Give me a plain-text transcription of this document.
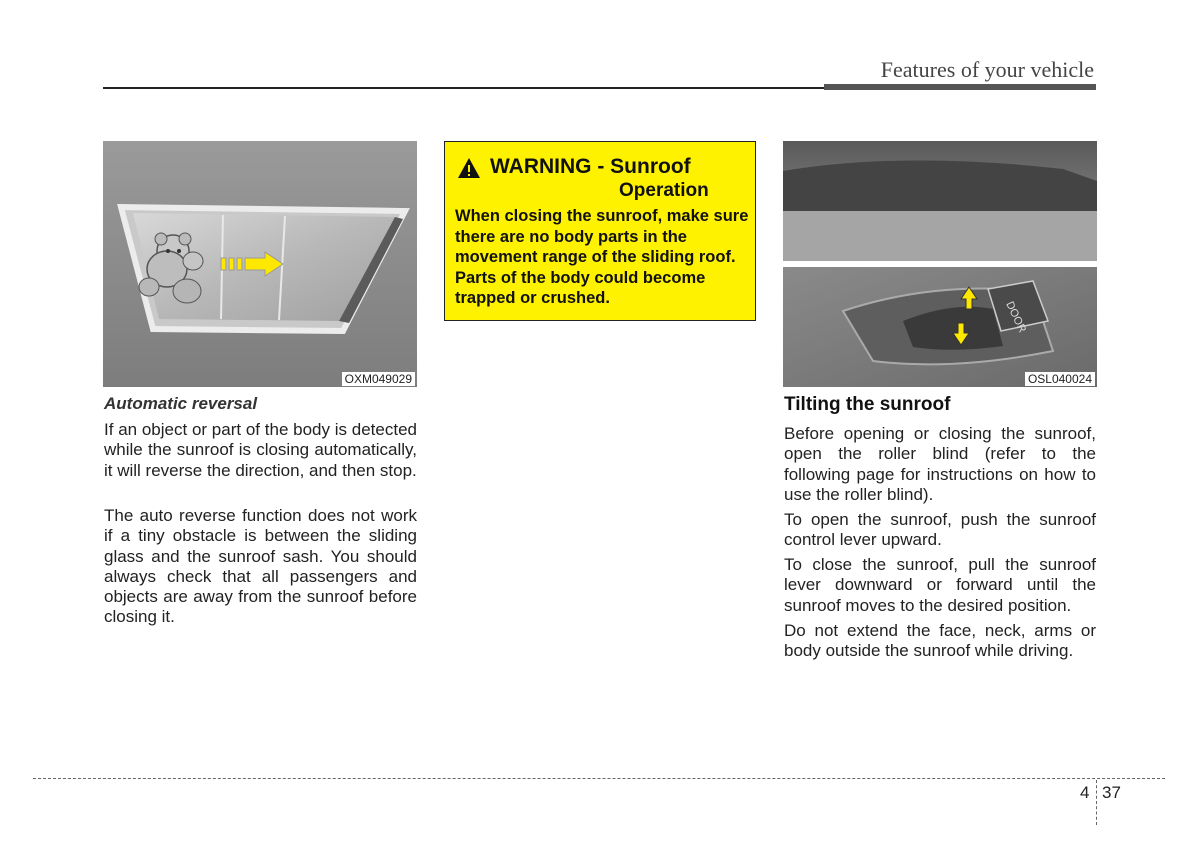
Features of your vehicle
OXM049029
WARNING - Sunroof
Operation
When closing the sunroof, make sure there are no body parts in the movement range of the sliding roof. Parts of the body could become trapped or crushed.
DOOR
OSL040024
Automatic reversal
If an object or part of the body is detected while the sunroof is closing automatically, it will reverse the direction, and then stop.
The auto reverse function does not work if a tiny obstacle is between the sliding glass and the sunroof sash. You should always check that all passengers and objects are away from the sunroof before closing it.
Tilting the sunroof
Before opening or closing the sunroof, open the roller blind (refer to the following page for instructions on how to use the roller blind).
To open the sunroof, push the sunroof control lever upward.
To close the sunroof, pull the sunroof lever downward or forward until the sunroof moves to the desired position.
Do not extend the face, neck, arms or body outside the sunroof while driving.
4 37
